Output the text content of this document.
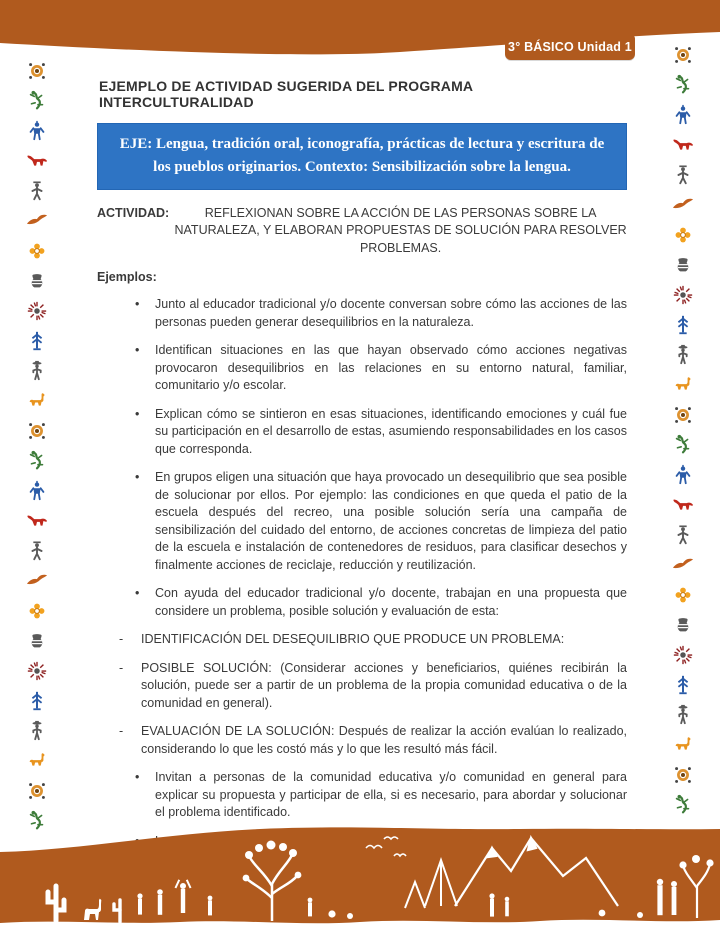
3° BÁSICO Unidad 1
EJEMPLO DE ACTIVIDAD SUGERIDA DEL PROGRAMA INTERCULTURALIDAD
EJE: Lengua, tradición oral, iconografía, prácticas de lectura y escritura de los pueblos originarios. Contexto: Sensibilización sobre la lengua.
ACTIVIDAD:	REFLEXIONAN SOBRE LA ACCIÓN DE LAS PERSONAS SOBRE LA NATURALEZA, Y ELABORAN PROPUESTAS DE SOLUCIÓN PARA RESOLVER PROBLEMAS.
Ejemplos:
• Junto al educador tradicional y/o docente conversan sobre cómo las acciones de las personas pueden generar desequilibrios en la naturaleza.
• Identifican situaciones en las que hayan observado cómo acciones negativas provocaron desequilibrios en las relaciones en su entorno natural, familiar, comunitario y/o escolar.
• Explican cómo se sintieron en esas situaciones, identificando emociones y cuál fue su participación en el desarrollo de estas, asumiendo responsabilidades en los casos que corresponda.
• En grupos eligen una situación que haya provocado un desequilibrio que sea posible de solucionar por ellos. Por ejemplo: las condiciones en que queda el patio de la escuela después del recreo, una posible solución sería una campaña de sensibilización del cuidado del entorno, de acciones concretas de limpieza del patio de la escuela e instalación de contenedores de residuos, para clasificar desechos y finalmente acciones de reciclaje, reducción y reutilización.
• Con ayuda del educador tradicional y/o docente, trabajan en una propuesta que considere un problema, posible solución y evaluación de esta:
- IDENTIFICACIÓN DEL DESEQUILIBRIO QUE PRODUCE UN PROBLEMA:
- POSIBLE SOLUCIÓN: (Considerar acciones y beneficiarios, quiénes recibirán la solución, puede ser a partir de un problema de la propia comunidad educativa o de la comunidad en general).
- EVALUACIÓN DE LA SOLUCIÓN: Después de realizar la acción evalúan lo realizado, considerando lo que les costó más y lo que les resultó más fácil.
• Invitan a personas de la comunidad educativa y/o comunidad en general para explicar su propuesta y participar de ella, si es necesario, para abordar y solucionar el problema identificado.
